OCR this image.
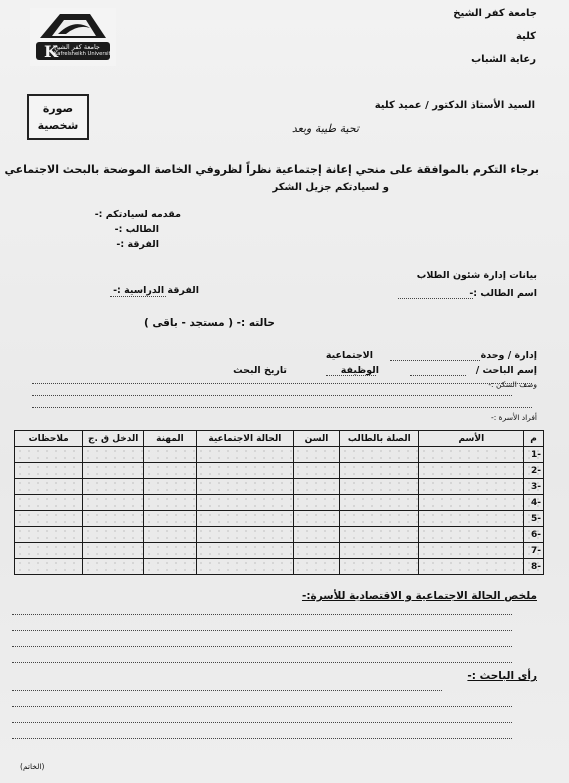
K
جامعة كفر الشيخ
Kafrelsheikh University
جامعة كفر الشيخ
كلية
رعاية الشباب
صورة
شخصية
السيد الأستاذ الدكتور / عميد كلية
تحية طيبة وبعد
برجاء التكرم بالموافقة على منحي إعانة إجتماعية نظراً لظروفي الخاصة الموضحة بالبحث الاجتماعي
و لسيادتكم جزيل الشكر
مقدمه لسيادتكم :-
الطالب :-
الفرقة :-
بيانات إدارة شئون الطلاب
اسم الطالب :-
الفرقة الدراسية :-
حالته :- ( مستجد - باقى )
إدارة / وحدة
الاجتماعية
إسم الباحث /
الوظيفة
تاريخ البحث
وصف السكن :-
أفراد الأسرة :-
م	الأسم	الصلة بالطالب	السن	الحالة الاجتماعية	المهنة	الدخل ق .ج	ملاحظات
-1							
-2							
-3							
-4							
-5							
-6							
-7							
-8							
ملخص الحالة الاجتماعية و الاقتصادية للأسرة:-
رأى الباحث :-
(الخاتم)
